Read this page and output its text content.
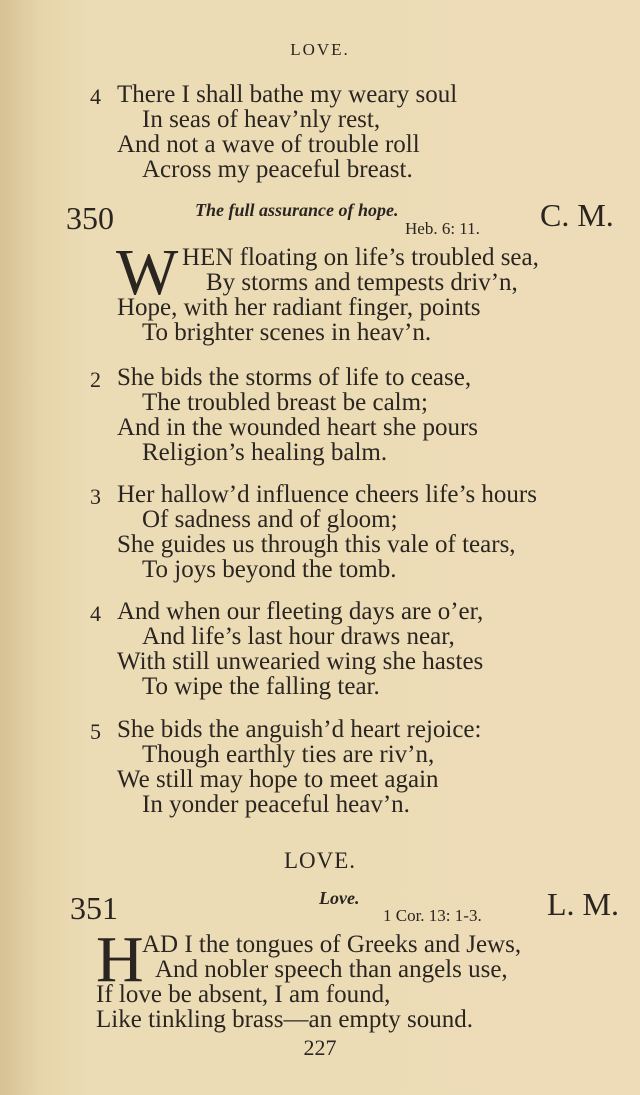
LOVE.
4 There I shall bathe my weary soul
In seas of heav’nly rest,
And not a wave of trouble roll
Across my peaceful breast.
350	The full assurance of hope.
Heb. 6: 11. C. M.
W HEN floating on life’s troubled sea,
By storms and tempests driv’n,
Hope, with her radiant finger, points
To brighter scenes in heav’n.
2 She bids the storms of life to cease,
The troubled breast be calm;
And in the wounded heart she pours
Religion’s healing balm.
3 Her hallow’d influence cheers life’s hours
Of sadness and of gloom;
She guides us through this vale of tears,
To joys beyond the tomb.
4 And when our fleeting days are o’er,
And life’s last hour draws near,
With still unwearied wing she hastes
To wipe the falling tear.
5 She bids the anguish’d heart rejoice:
Though earthly ties are riv’n,
We still may hope to meet again
In yonder peaceful heav’n.
LOVE.
351	Love.
1 Cor. 13: 1-3. L. M.
H
AD I the tongues of Greeks and Jews,
And nobler speech than angels use,
If love be absent, I am found,
Like tinkling brass—an empty sound.
227
